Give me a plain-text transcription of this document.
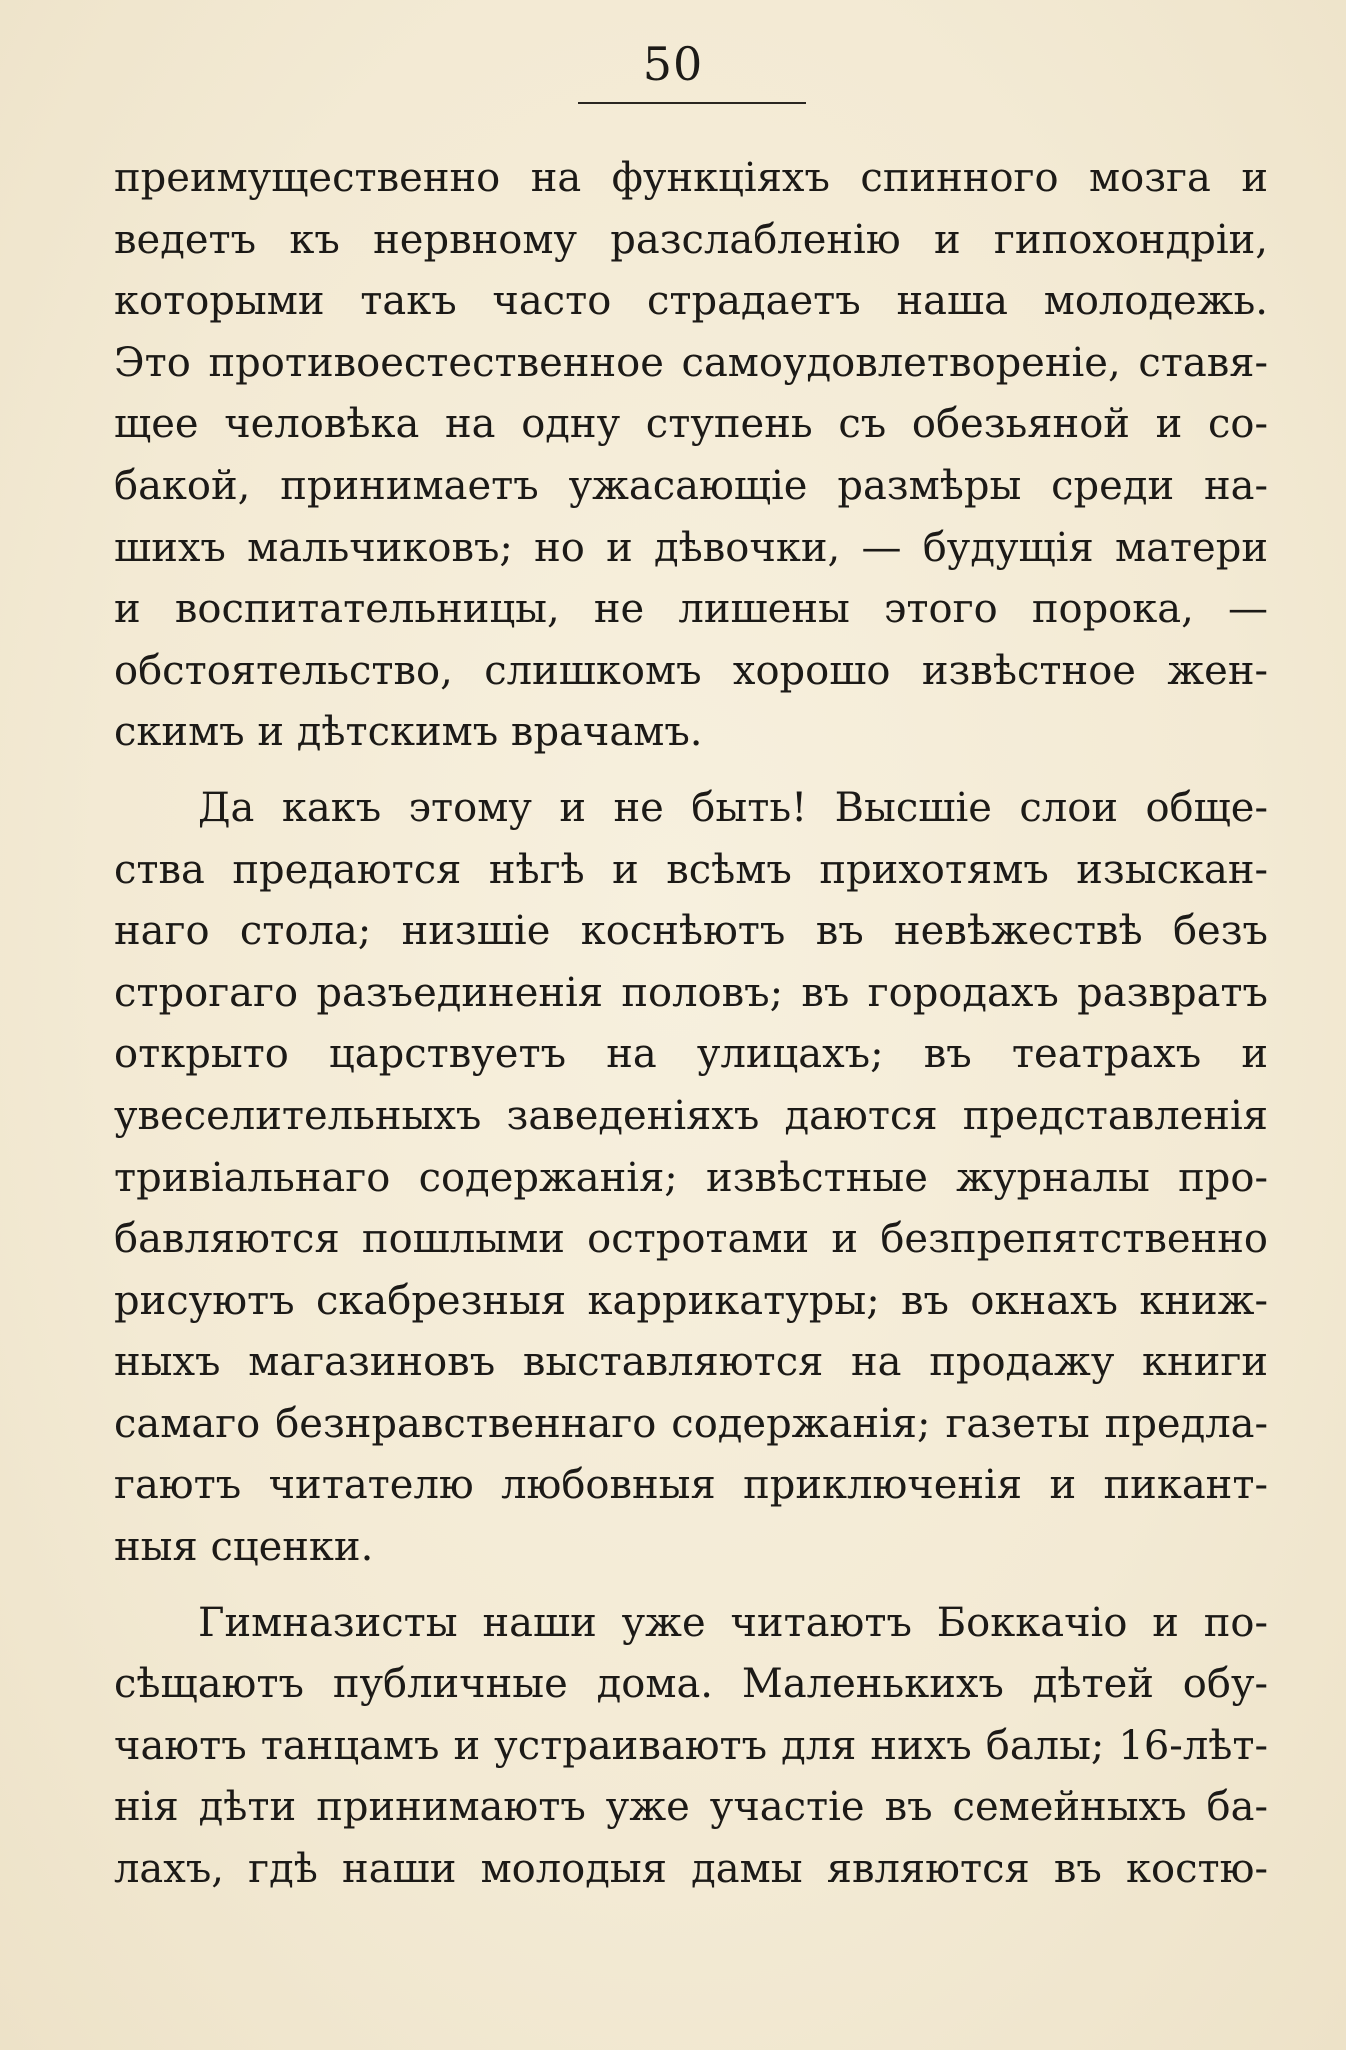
50
преимущественно на функціяхъ спинного мозга и
ведетъ къ нервному разслабленію и гипохондріи,
которыми такъ часто страдаетъ наша молодежь.
Это противоестественное самоудовлетвореніе, ставя-
щее человѣка на одну ступень съ обезьяной и со-
бакой, принимаетъ ужасающіе размѣры среди на-
шихъ мальчиковъ; но и дѣвочки, — будущія матери
и воспитательницы, не лишены этого порока, —
обстоятельство, слишкомъ хорошо извѣстное жен-
скимъ и дѣтскимъ врачамъ.
Да какъ этому и не быть! Высшіе слои обще-
ства предаются нѣгѣ и всѣмъ прихотямъ изыскан-
наго стола; низшіе коснѣютъ въ невѣжествѣ безъ
строгаго разъединенія половъ; въ городахъ развратъ
открыто царствуетъ на улицахъ; въ театрахъ и
увеселительныхъ заведеніяхъ даются представленія
тривіальнаго содержанія; извѣстные журналы про-
бавляются пошлыми остротами и безпрепятственно
рисуютъ скабрезныя каррикатуры; въ окнахъ книж-
ныхъ магазиновъ выставляются на продажу книги
самаго безнравственнаго содержанія; газеты предла-
гаютъ читателю любовныя приключенія и пикант-
ныя сценки.
Гимназисты наши уже читаютъ Боккачіо и по-
сѣщаютъ публичные дома. Маленькихъ дѣтей обу-
чаютъ танцамъ и устраиваютъ для нихъ балы; 16-лѣт-
нія дѣти принимаютъ уже участіе въ семейныхъ ба-
лахъ, гдѣ наши молодыя дамы являются въ костю-
